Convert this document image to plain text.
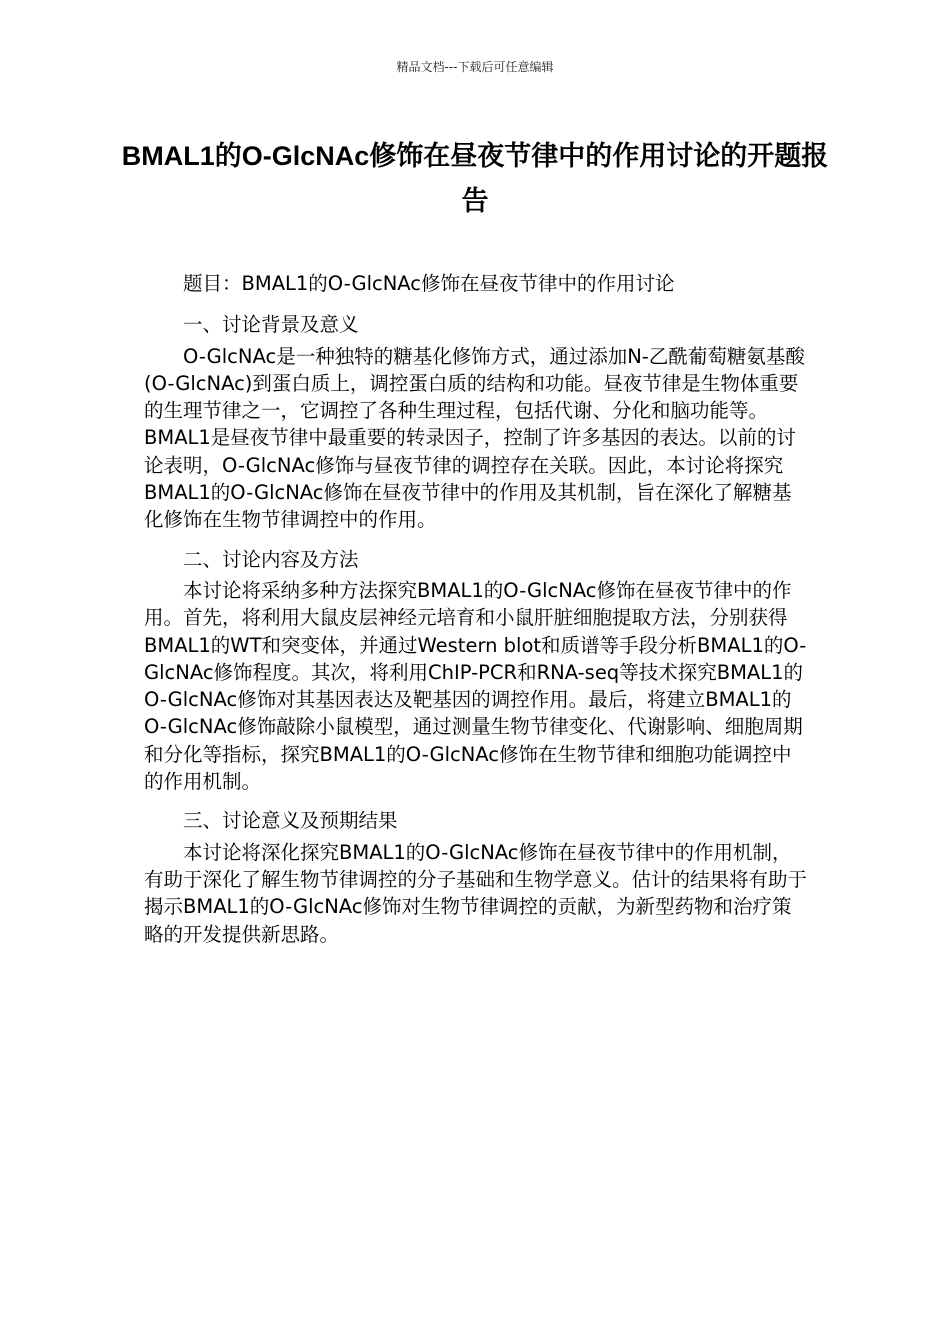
精品文档---下载后可任意编辑
BMAL1的O-GlcNAc修饰在昼夜节律中的作用讨论的开题报告

题目：BMAL1的O-GlcNAc修饰在昼夜节律中的作用讨论

一、讨论背景及意义

O-GlcNAc是一种独特的糖基化修饰方式，通过添加N-乙酰葡萄糖氨基酸(O-GlcNAc)到蛋白质上，调控蛋白质的结构和功能。昼夜节律是生物体重要的生理节律之一，它调控了各种生理过程，包括代谢、分化和脑功能等。BMAL1是昼夜节律中最重要的转录因子，控制了许多基因的表达。以前的讨论表明，O-GlcNAc修饰与昼夜节律的调控存在关联。因此，本讨论将探究BMAL1的O-GlcNAc修饰在昼夜节律中的作用及其机制，旨在深化了解糖基化修饰在生物节律调控中的作用。

二、讨论内容及方法

本讨论将采纳多种方法探究BMAL1的O-GlcNAc修饰在昼夜节律中的作用。首先，将利用大鼠皮层神经元培育和小鼠肝脏细胞提取方法，分别获得BMAL1的WT和突变体，并通过Western blot和质谱等手段分析BMAL1的O-GlcNAc修饰程度。其次，将利用ChIP-PCR和RNA-seq等技术探究BMAL1的O-GlcNAc修饰对其基因表达及靶基因的调控作用。最后，将建立BMAL1的O-GlcNAc修饰敲除小鼠模型，通过测量生物节律变化、代谢影响、细胞周期和分化等指标，探究BMAL1的O-GlcNAc修饰在生物节律和细胞功能调控中的作用机制。

三、讨论意义及预期结果

本讨论将深化探究BMAL1的O-GlcNAc修饰在昼夜节律中的作用机制，有助于深化了解生物节律调控的分子基础和生物学意义。估计的结果将有助于揭示BMAL1的O-GlcNAc修饰对生物节律调控的贡献，为新型药物和治疗策略的开发提供新思路。
